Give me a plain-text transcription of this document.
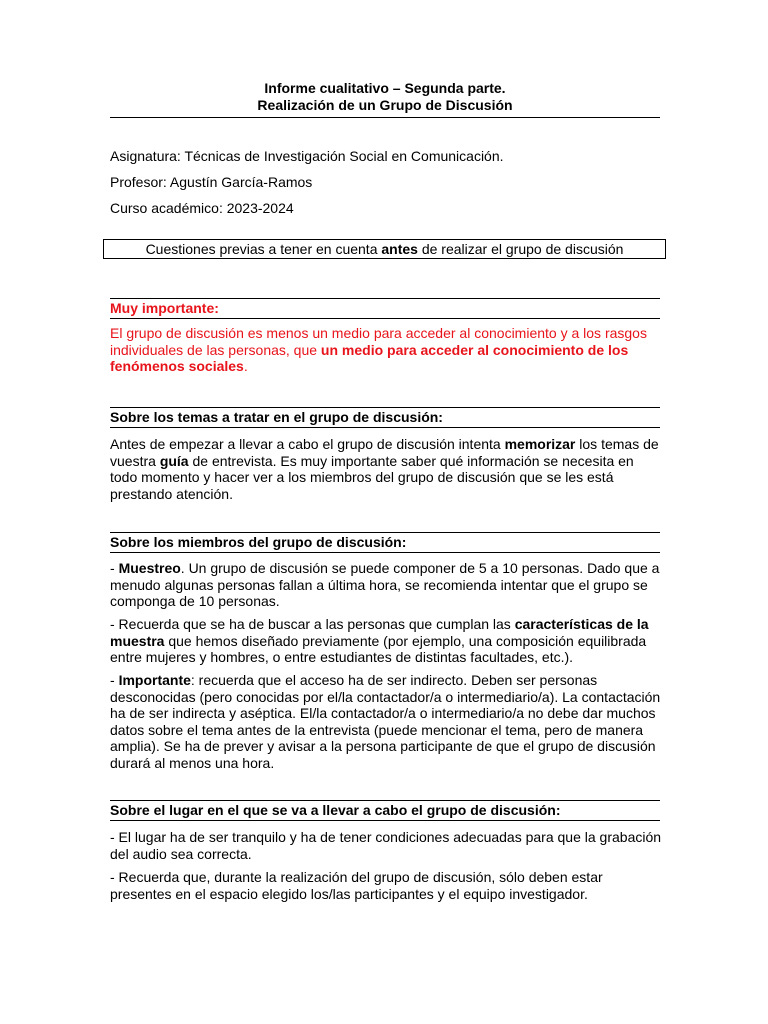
Informe cualitativo – Segunda parte.
Realización de un Grupo de Discusión
Asignatura: Técnicas de Investigación Social en Comunicación.
Profesor: Agustín García-Ramos
Curso académico: 2023-2024
Cuestiones previas a tener en cuenta antes de realizar el grupo de discusión
Muy importante:

El grupo de discusión es menos un medio para acceder al conocimiento y a los rasgos individuales de las personas, que un medio para acceder al conocimiento de los fenómenos sociales.

Sobre los temas a tratar en el grupo de discusión:

Antes de empezar a llevar a cabo el grupo de discusión intenta memorizar los temas de vuestra guía de entrevista. Es muy importante saber qué información se necesita en todo momento y hacer ver a los miembros del grupo de discusión que se les está prestando atención.

Sobre los miembros del grupo de discusión:

- Muestreo. Un grupo de discusión se puede componer de 5 a 10 personas. Dado que a menudo algunas personas fallan a última hora, se recomienda intentar que el grupo se componga de 10 personas.

- Recuerda que se ha de buscar a las personas que cumplan las características de la muestra que hemos diseñado previamente (por ejemplo, una composición equilibrada entre mujeres y hombres, o entre estudiantes de distintas facultades, etc.).

- Importante: recuerda que el acceso ha de ser indirecto. Deben ser personas desconocidas (pero conocidas por el/la contactador/a o intermediario/a). La contactación ha de ser indirecta y aséptica. El/la contactador/a o intermediario/a no debe dar muchos datos sobre el tema antes de la entrevista (puede mencionar el tema, pero de manera amplia). Se ha de prever y avisar a la persona participante de que el grupo de discusión durará al menos una hora.

Sobre el lugar en el que se va a llevar a cabo el grupo de discusión:

- El lugar ha de ser tranquilo y ha de tener condiciones adecuadas para que la grabación del audio sea correcta.

- Recuerda que, durante la realización del grupo de discusión, sólo deben estar presentes en el espacio elegido los/las participantes y el equipo investigador.
